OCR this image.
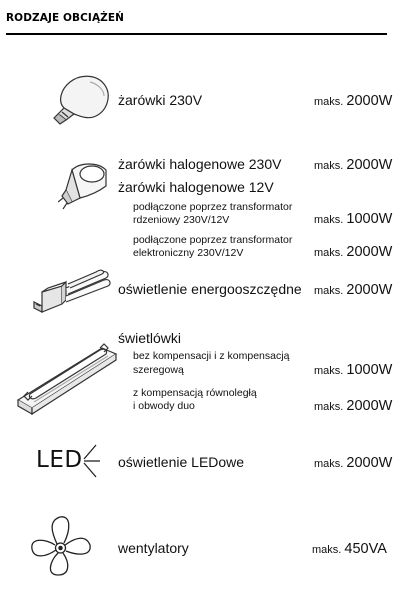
RODZAJE OBCIĄŻEŃ
żarówki 230V	maks. 2000W
żarówki halogenowe 230V	maks. 2000W
żarówki halogenowe 12V
podłączone poprzez transformator
rdzeniowy 230V/12V	maks. 1000W
podłączone poprzez transformator
elektroniczny 230V/12V	maks. 2000W
oświetlenie energooszczędne maks. 2000W
świetlówki
bez kompensacji i z kompensacją
szeregową	maks. 1000W
z kompensacją równoległą
i obwody duo	maks. 2000W
LED	oświetlenie LEDowe	maks. 2000W
wentylatory	maks. 450VA
